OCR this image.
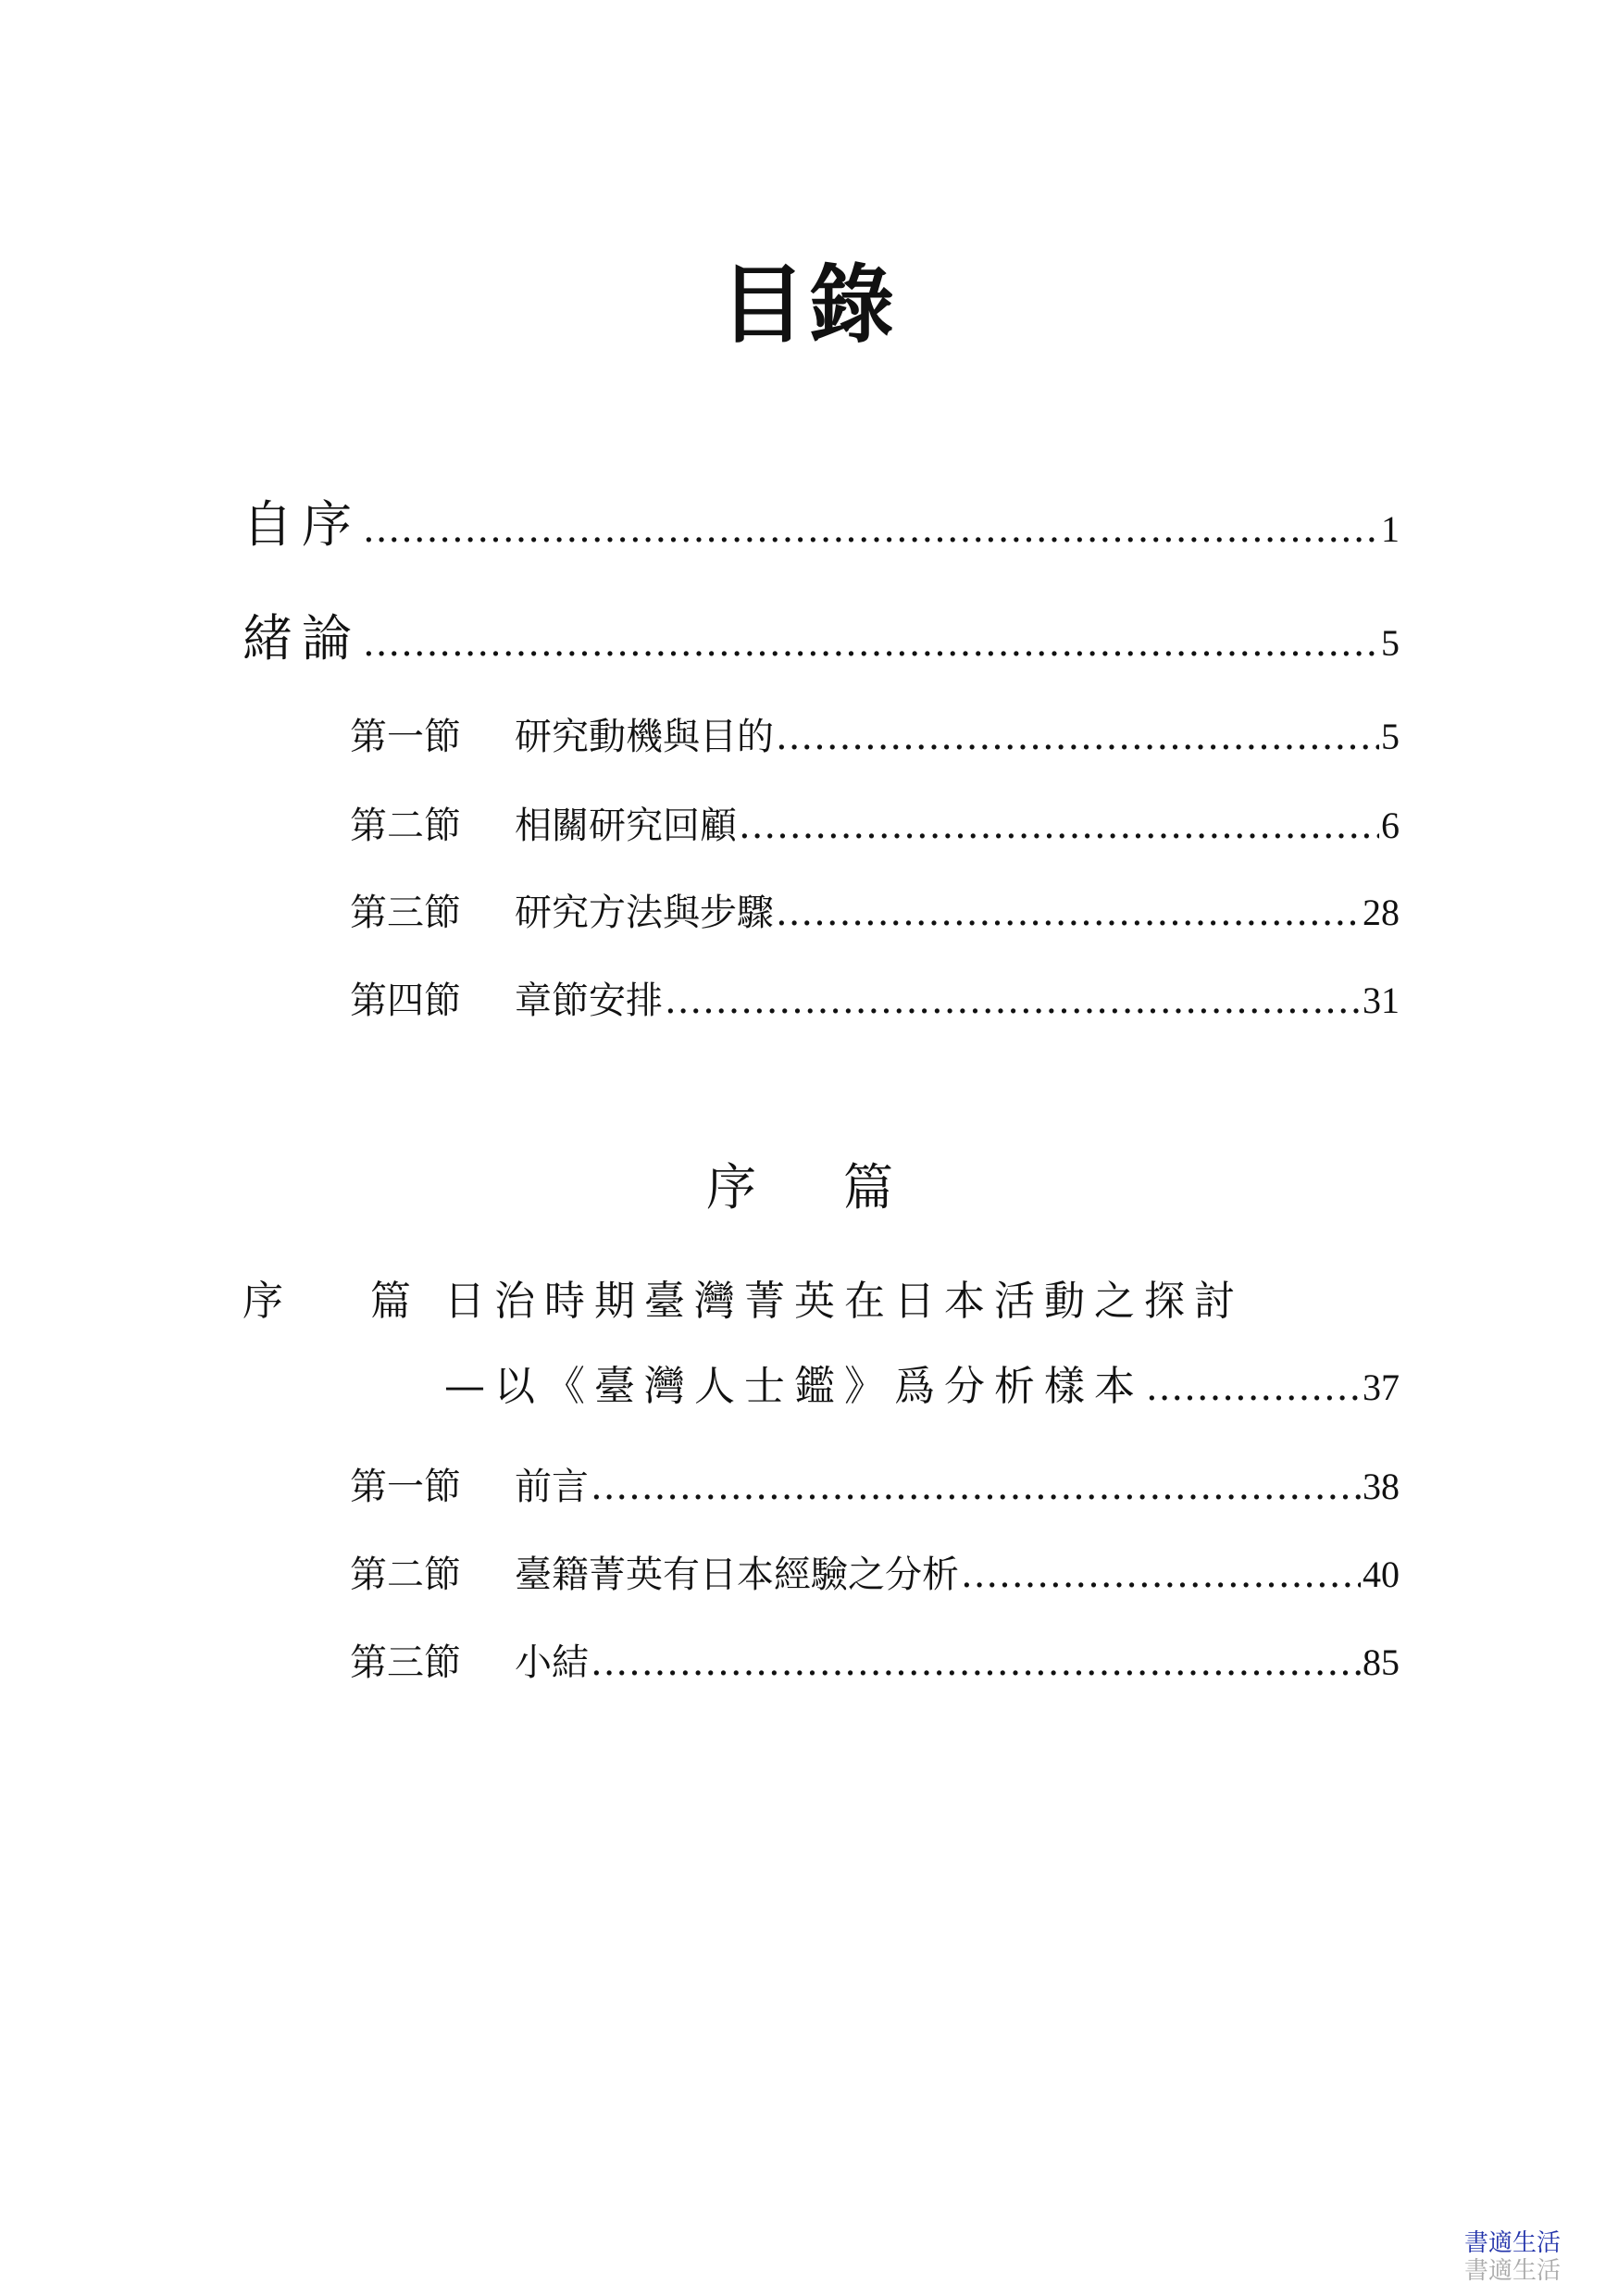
目錄
自序 .....	1
緒論 .....	5
第一節 研究動機與目的 .....	5
第二節 相關研究回顧 .....	6
第三節 研究方法與步驟 .....	28
第四節 章節安排 .....	31
序　篇
序 篇日治時期臺灣菁英在日本活動之探討
—以《臺灣人士鑑》爲分析樣本 .....	37
第一節 前言 .....	38
第二節 臺籍菁英有日本經驗之分析 .....	40
第三節 小結 .....	85
書適生活
書適生活
